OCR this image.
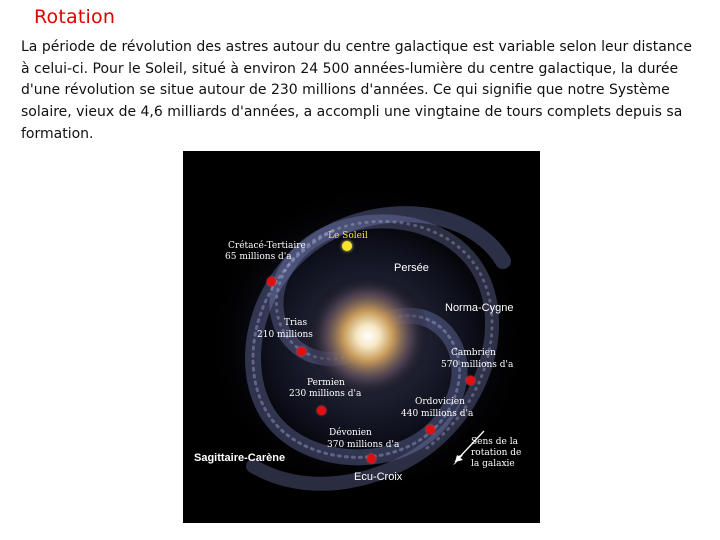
Rotation

La période de révolution des astres autour du centre galactique est variable selon leur distance à celui-ci. Pour le Soleil, situé à environ 24 500 années-lumière du centre galactique, la durée d'une révolution se situe autour de 230 millions d'années. Ce qui signifie que notre Système solaire, vieux de 4,6 milliards d'années, a accompli une vingtaine de tours complets depuis sa formation.

Le Soleil
Persée
Norma-Cygne
Sagittaire-Carène
Ecu-Croix
Crétacé-Tertiaire
65 millions d'a
Trias
210 millions
Cambrien
570 millions d'a
Permien
230 millions d'a
Ordovicien
440 millions d'a
Dévonien
370 millions d'a	Sens de la rotation de la galaxie
